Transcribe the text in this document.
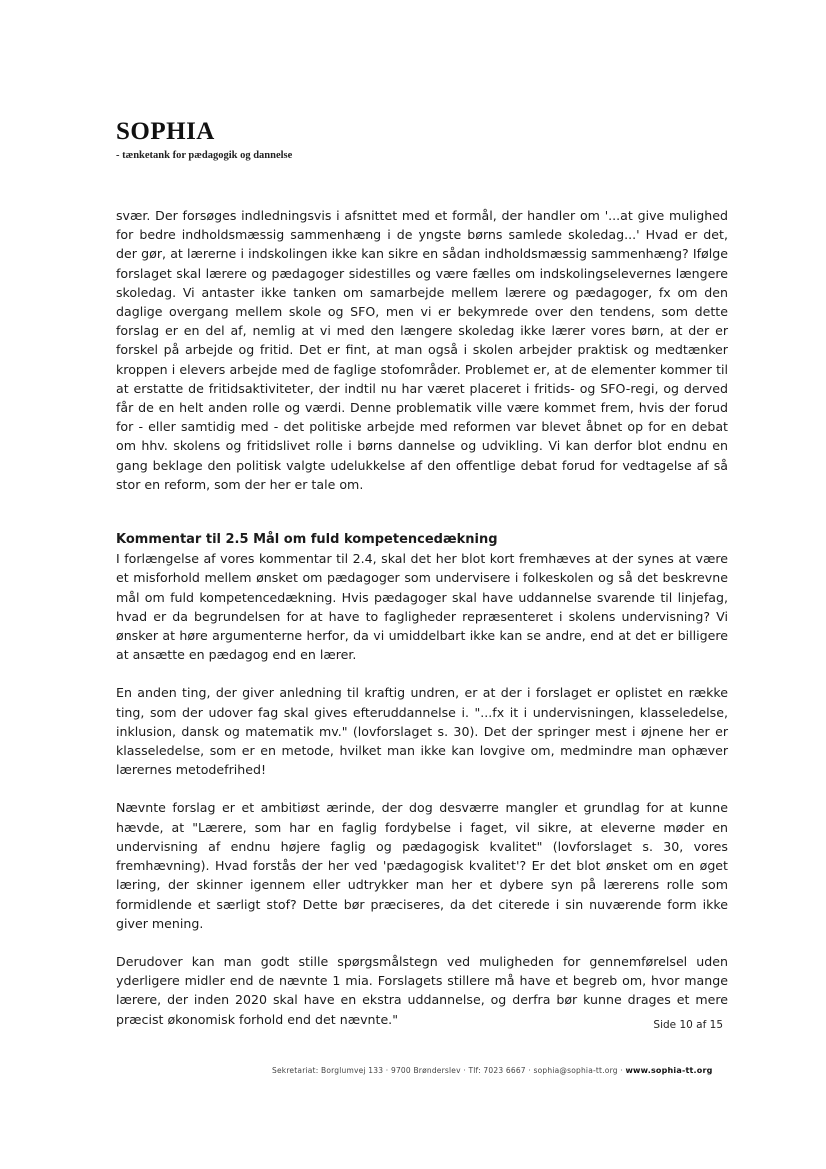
SOPHIA
- tænketank for pædagogik og dannelse

svær. Der forsøges indledningsvis i afsnittet med et formål, der handler om '...at give mulighed for bedre indholdsmæssig sammenhæng i de yngste børns samlede skoledag...' Hvad er det, der gør, at lærerne i indskolingen ikke kan sikre en sådan indholdsmæssig sammenhæng? Ifølge forslaget skal lærere og pædagoger sidestilles og være fælles om indskolingselevernes længere skoledag. Vi antaster ikke tanken om samarbejde mellem lærere og pædagoger, fx om den daglige overgang mellem skole og SFO, men vi er bekymrede over den tendens, som dette forslag er en del af, nemlig at vi med den længere skoledag ikke lærer vores børn, at der er forskel på arbejde og fritid. Det er fint, at man også i skolen arbejder praktisk og medtænker kroppen i elevers arbejde med de faglige stofområder. Problemet er, at de elementer kommer til at erstatte de fritidsaktiviteter, der indtil nu har været placeret i fritids- og SFO-regi, og derved får de en helt anden rolle og værdi. Denne problematik ville være kommet frem, hvis der forud for - eller samtidig med - det politiske arbejde med reformen var blevet åbnet op for en debat om hhv. skolens og fritidslivet rolle i børns dannelse og udvikling. Vi kan derfor blot endnu en gang beklage den politisk valgte udelukkelse af den offentlige debat forud for vedtagelse af så stor en reform, som der her er tale om.

Kommentar til 2.5 Mål om fuld kompetencedækning

I forlængelse af vores kommentar til 2.4, skal det her blot kort fremhæves at der synes at være et misforhold mellem ønsket om pædagoger som undervisere i folkeskolen og så det beskrevne mål om fuld kompetencedækning. Hvis pædagoger skal have uddannelse svarende til linjefag, hvad er da begrundelsen for at have to fagligheder repræsenteret i skolens undervisning? Vi ønsker at høre argumenterne herfor, da vi umiddelbart ikke kan se andre, end at det er billigere at ansætte en pædagog end en lærer.

En anden ting, der giver anledning til kraftig undren, er at der i forslaget er oplistet en række ting, som der udover fag skal gives efteruddannelse i. "...fx it i undervisningen, klasseledelse, inklusion, dansk og matematik mv." (lovforslaget s. 30). Det der springer mest i øjnene her er klasseledelse, som er en metode, hvilket man ikke kan lovgive om, medmindre man ophæver lærernes metodefrihed!

Nævnte forslag er et ambitiøst ærinde, der dog desværre mangler et grundlag for at kunne hævde, at "Lærere, som har en faglig fordybelse i faget, vil sikre, at eleverne møder en undervisning af endnu højere faglig og pædagogisk kvalitet" (lovforslaget s. 30, vores fremhævning). Hvad forstås der her ved 'pædagogisk kvalitet'? Er det blot ønsket om en øget læring, der skinner igennem eller udtrykker man her et dybere syn på lærerens rolle som formidlende et særligt stof? Dette bør præciseres, da det citerede i sin nuværende form ikke giver mening.

Derudover kan man godt stille spørgsmålstegn ved muligheden for gennemførelsel uden yderligere midler end de nævnte 1 mia. Forslagets stillere må have et begreb om, hvor mange lærere, der inden 2020 skal have en ekstra uddannelse, og derfra bør kunne drages et mere præcist økonomisk forhold end det nævnte."	Side 10 af 15
Sekretariat: Borglumvej 133 · 9700 Brønderslev · Tlf: 7023 6667 · sophia@sophia-tt.org · www.sophia-tt.org
